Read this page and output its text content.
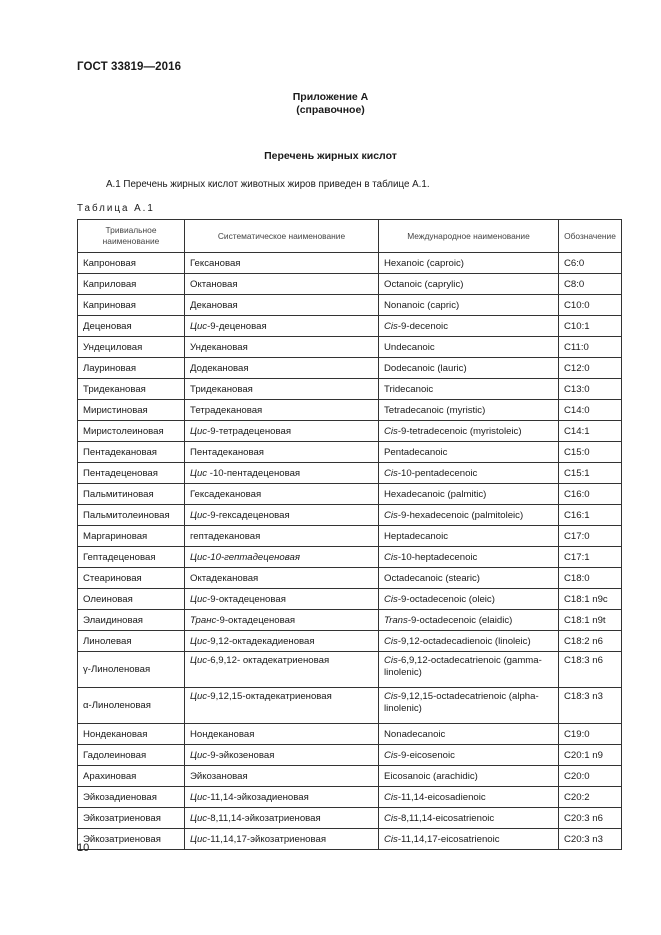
ГОСТ 33819—2016
Приложение А
(справочное)
Перечень жирных кислот
А.1 Перечень жирных кислот животных жиров приведен в таблице А.1.
Таблица А.1
Тривиальное наименование	Систематическое наименование	Международное наименование	Обозначение
Капроновая	Гексановая	Hexanoic (caproic)	C6:0
Каприловая	Октановая	Octanoic (caprylic)	C8:0
Каприновая	Декановая	Nonanoic (capric)	C10:0
Деценовая	Цис-9-деценовая	Cis-9-decenoic	C10:1
Ундециловая	Ундекановая	Undecanoic	C11:0
Лауриновая	Додекановая	Dodecanoic (lauric)	C12:0
Тридекановая	Тридекановая	Tridecanoic	C13:0
Миристиновая	Тетрадекановая	Tetradecanoic (myristic)	C14:0
Миристолеиновая	Цис-9-тетрадеценовая	Cis-9-tetradecenoic (myristoleic)	C14:1
Пентадекановая	Пентадекановая	Pentadecanoic	C15:0
Пентадеценовая	Цис -10-пентадеценовая	Cis-10-pentadecenoic	C15:1
Пальмитиновая	Гексадекановая	Hexadecanoic (palmitic)	C16:0
Пальмитолеиновая	Цис-9-гексадеценовая	Cis-9-hexadecenoic (palmitoleic)	C16:1
Маргариновая	гептадекановая	Heptadecanoic	C17:0
Гептадеценовая	Цис-10-гептадеценовая	Cis-10-heptadecenoic	C17:1
Стеариновая	Октадекановая	Octadecanoic (stearic)	C18:0
Олеиновая	Цис-9-октадеценовая	Cis-9-octadecenoic (oleic)	C18:1 n9c
Элаидиновая	Транс-9-октадеценовая	Trans-9-octadecenoic (elaidic)	C18:1 n9t
Линолевая	Цис-9,12-октадекадиеновая	Cis-9,12-octadecadienoic (linoleic)	C18:2 n6
γ-Линоленовая	Цис-6,9,12- октадекатриеновая	Cis-6,9,12-octadecatrienoic (gamma-linolenic)	C18:3 n6
α-Линоленовая	Цис-9,12,15-октадекатриеновая	Cis-9,12,15-octadecatrienoic (alpha-linolenic)	C18:3 n3
Нондекановая	Нондекановая	Nonadecanoic	C19:0
Гадолеиновая	Цис-9-эйкозеновая	Cis-9-eicosenoic	C20:1 n9
Арахиновая	Эйкозановая	Eicosanoic (arachidic)	C20:0
Эйкозадиеновая	Цис-11,14-эйкозадиеновая	Cis-11,14-eicosadienoic	C20:2
Эйкозатриеновая	Цис-8,11,14-эйкозатриеновая	Cis-8,11,14-eicosatrienoic	C20:3 n6
Эйкозатриеновая	Цис-11,14,17-эйкозатриеновая	Cis-11,14,17-eicosatrienoic	C20:3 n3
10
